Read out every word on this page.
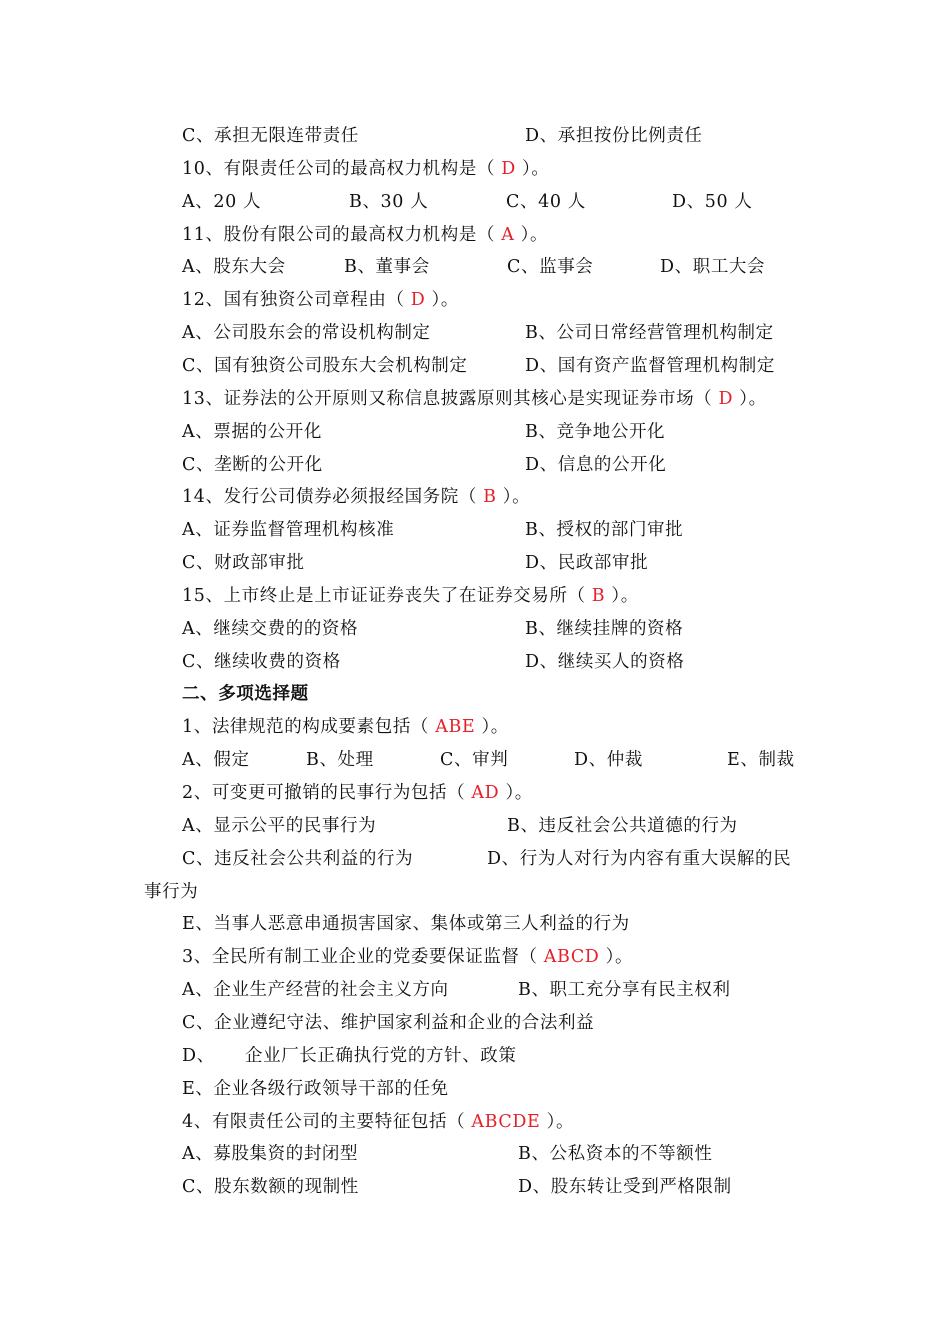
C、承担无限连带责任	D、承担按份比例责任
10、有限责任公司的最高权力机构是（ D ）。
A、20 人	B、30 人	C、40 人	D、50 人
11、股份有限公司的最高权力机构是（ A ）。
A、股东大会	B、董事会	C、监事会	D、职工大会
12、国有独资公司章程由（ D ）。
A、公司股东会的常设机构制定	B、公司日常经营管理机构制定
C、国有独资公司股东大会机构制定	D、国有资产监督管理机构制定
13、证券法的公开原则又称信息披露原则其核心是实现证券市场（ D ）。
A、票据的公开化	B、竞争地公开化
C、垄断的公开化	D、信息的公开化
14、发行公司债券必须报经国务院（ B ）。
A、证券监督管理机构核准	B、授权的部门审批
C、财政部审批	D、民政部审批
15、上市终止是上市证证券丧失了在证券交易所（ B ）。
A、继续交费的的资格	B、继续挂牌的资格
C、继续收费的资格	D、继续买人的资格
二、多项选择题
1、法律规范的构成要素包括（ ABE ）。
A、假定	B、处理	C、审判	D、仲裁	E、制裁
2、可变更可撤销的民事行为包括（ AD ）。
A、显示公平的民事行为	B、违反社会公共道德的行为
C、违反社会公共利益的行为	D、行为人对行为内容有重大误解的民
事行为
E、当事人恶意串通损害国家、集体或第三人利益的行为
3、全民所有制工业企业的党委要保证监督（ ABCD ）。
A、企业生产经营的社会主义方向	B、职工充分享有民主权利
C、企业遵纪守法、维护国家利益和企业的合法利益
D、 企业厂长正确执行党的方针、政策
E、企业各级行政领导干部的任免
4、有限责任公司的主要特征包括（ ABCDE ）。
A、募股集资的封闭型	B、公私资本的不等额性
C、股东数额的现制性	D、股东转让受到严格限制
